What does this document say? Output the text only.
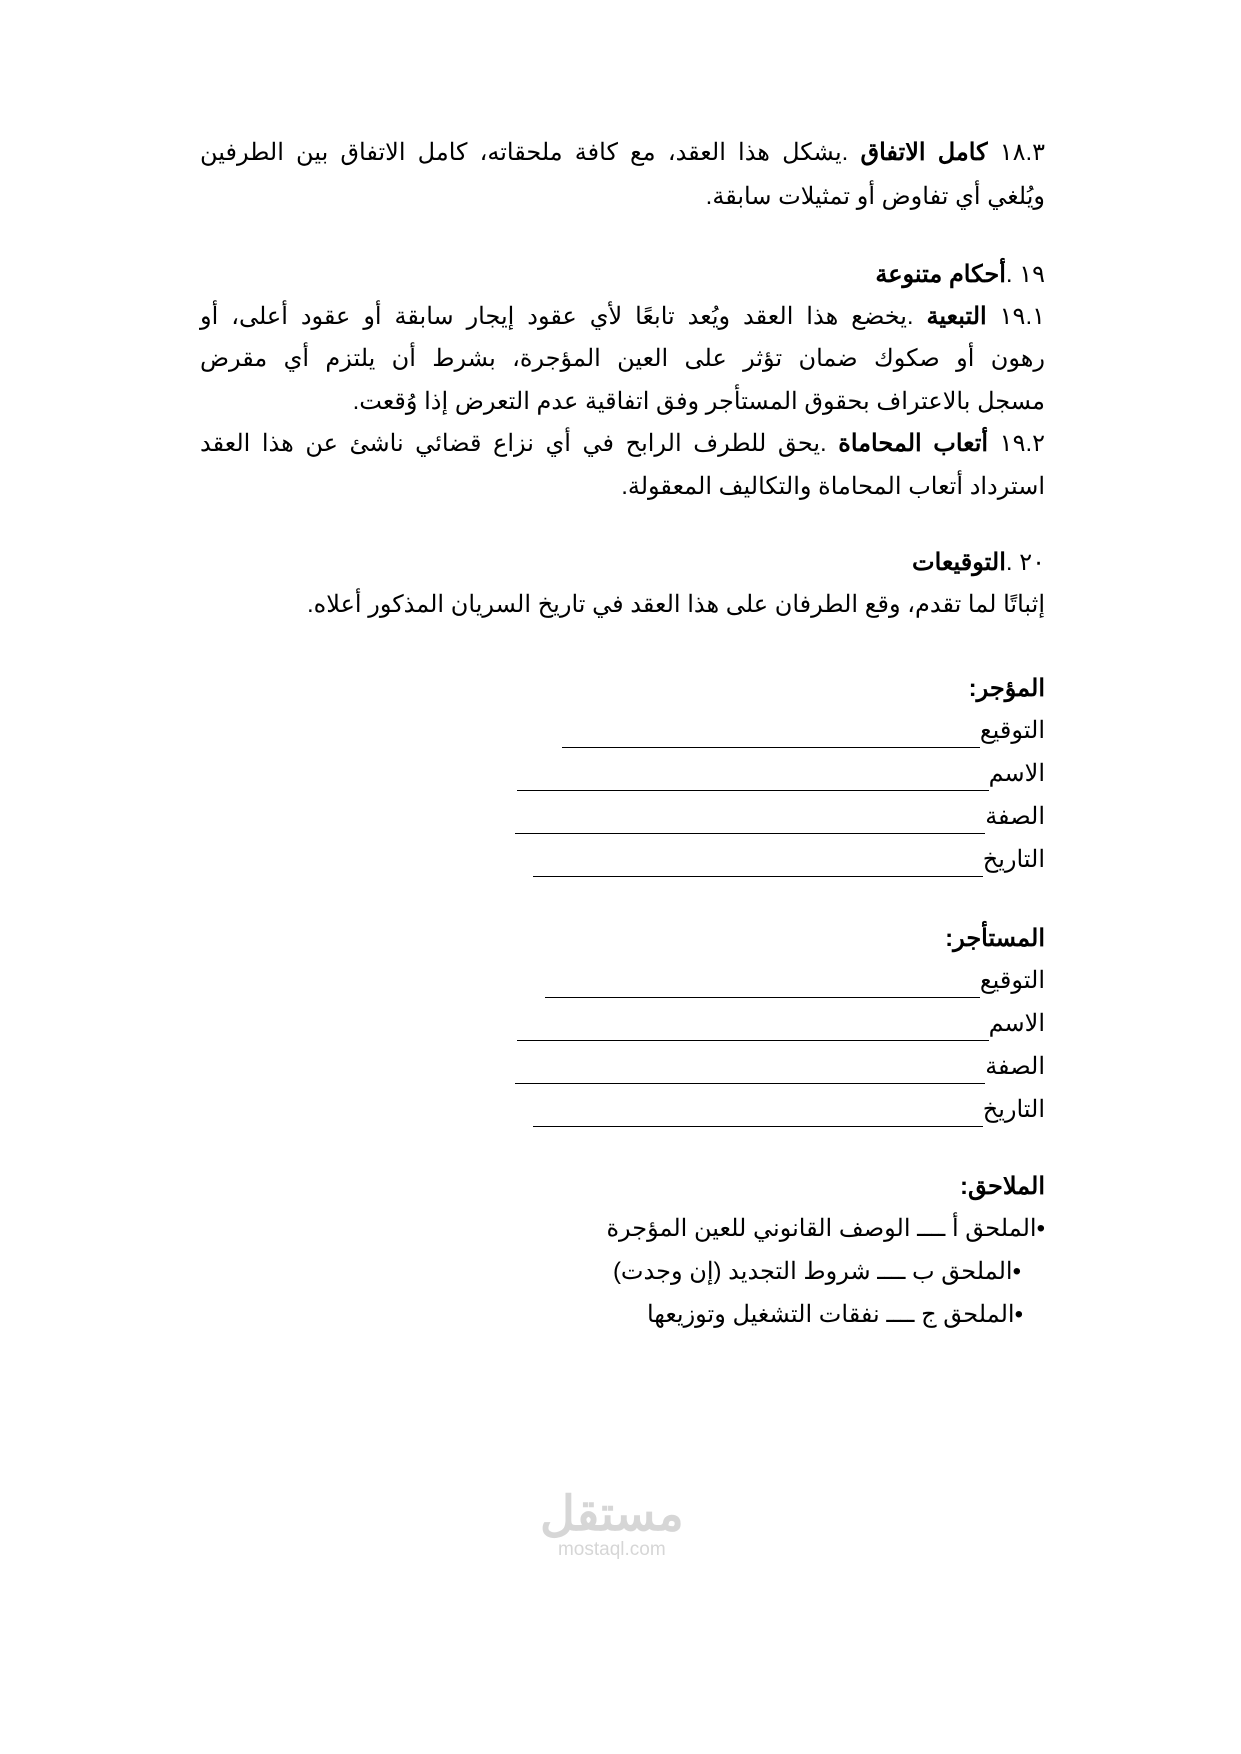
١٨.٣ كامل الاتفاق .يشكل هذا العقد، مع كافة ملحقاته، كامل الاتفاق بين الطرفين
ويُلغي أي تفاوض أو تمثيلات سابقة.
١٩ .أحكام متنوعة
١٩.١ التبعية .يخضع هذا العقد ويُعد تابعًا لأي عقود إيجار سابقة أو عقود أعلى، أو
رهون أو صكوك ضمان تؤثر على العين المؤجرة، بشرط أن يلتزم أي مقرض
مسجل بالاعتراف بحقوق المستأجر وفق اتفاقية عدم التعرض إذا وُقعت.
١٩.٢ أتعاب المحاماة .يحق للطرف الرابح في أي نزاع قضائي ناشئ عن هذا العقد
استرداد أتعاب المحاماة والتكاليف المعقولة.
٢٠ .التوقيعات
إثباتًا لما تقدم، وقع الطرفان على هذا العقد في تاريخ السريان المذكور أعلاه.
المؤجر:
التوقيع
الاسم
الصفة
التاريخ
المستأجر:
التوقيع
الاسم
الصفة
التاريخ
الملاحق:
•الملحق أ ــــ الوصف القانوني للعين المؤجرة
•الملحق ب ــــ شروط التجديد (إن وجدت)
•الملحق ج ــــ نفقات التشغيل وتوزيعها
مستقل
mostaql.com
